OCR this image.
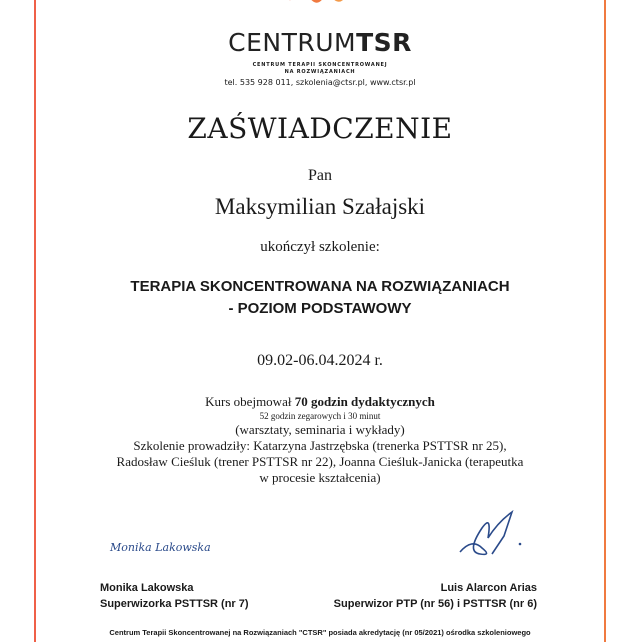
CENTRUMTSR
CENTRUM TERAPII SKONCENTROWANEJ
NA ROZWIĄZANIACH
tel. 535 928 011, szkolenia@ctsr.pl, www.ctsr.pl
ZAŚWIADCZENIE
Pan
Maksymilian Szałajski
ukończył szkolenie:
TERAPIA SKONCENTROWANA NA ROZWIĄZANIACH
- POZIOM PODSTAWOWY
09.02-06.04.2024 r.
Kurs obejmował 70 godzin dydaktycznych
52 godzin zegarowych i 30 minut
(warsztaty, seminaria i wykłady)
Szkolenie prowadziły: Katarzyna Jastrzębska (trenerka PSTTSR nr 25),
Radosław Cieśluk (trener PSTTSR nr 22), Joanna Cieśluk-Janicka (terapeutka
w procesie kształcenia)
Monika Lakowska
Monika Lakowska
Superwizorka PSTTSR (nr 7)
Luis Alarcon Arias
Superwizor PTP (nr 56) i PSTTSR (nr 6)
Centrum Terapii Skoncentrowanej na Rozwiązaniach "CTSR" posiada akredytację (nr 05/2021) ośrodka szkoleniowego
